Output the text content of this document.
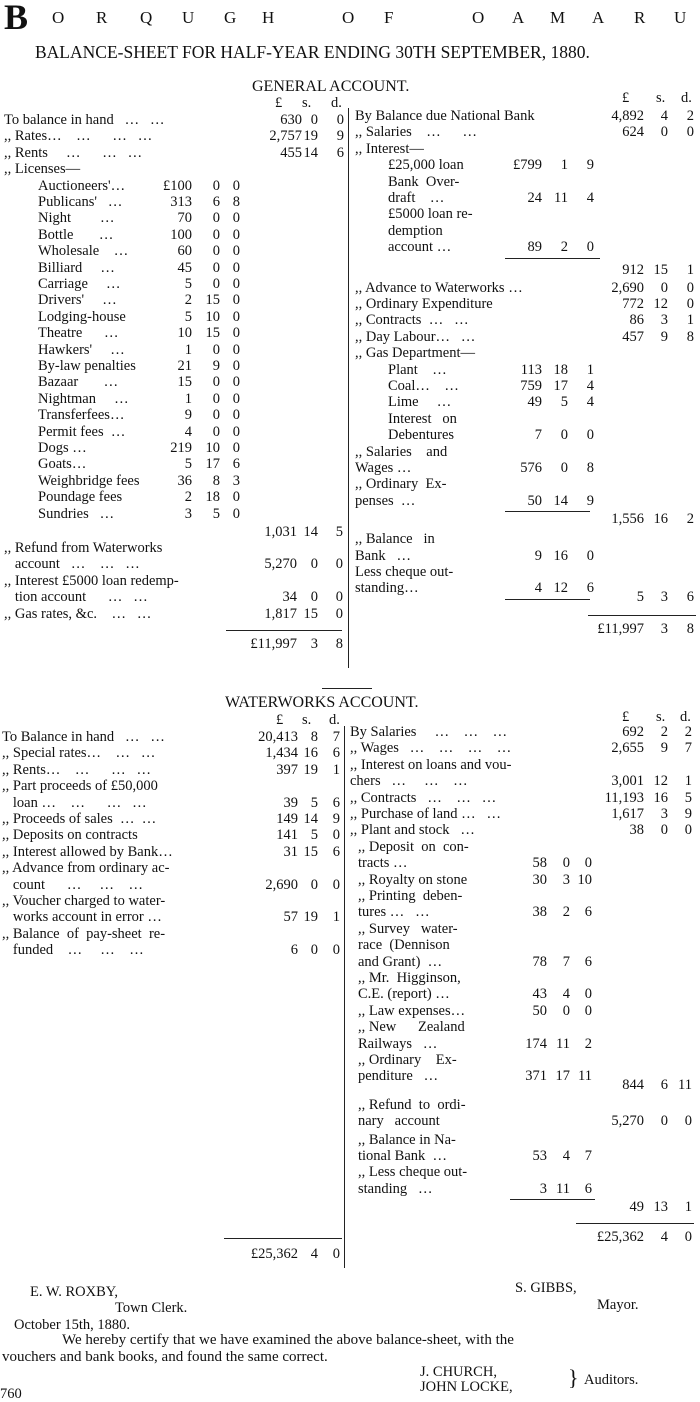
B O R Q U G H	O F	O A M A R U
BALANCE-SHEET FOR HALF-YEAR ENDING 30TH SEPTEMBER, 1880.
GENERAL ACCOUNT.
£ s. d.
To balance in hand   …   …	630 0	0
,, Rates…    …      …   …	2,757 19	9
,, Rents     …      …   …	455 14	6
,, Licenses—
Auctioneers'…	£100	0 0
Publicans'   …	313	6 8
Night        …	70	0 0
Bottle       …	100	0 0
Wholesale    …	60	0 0
Billiard     …	45	0 0
Carriage     …	5	0 0
Drivers'     …	2 15 0
Lodging-house	5 10 0
Theatre      …	10 15 0
Hawkers'     …	1	0 0
By-law penalties	21	9 0
Bazaar       …	15	0 0
Nightman     …	1	0 0
Transferfees…	9	0 0
Permit fees  …	4	0 0
Dogs …	219 10 0
Goats…	5 17 6
Weighbridge fees	36	8 3
Poundage fees	2 18 0
Sundries   …	3	5 0
1,031 14	5
,, Refund from Waterworks
account   …    …   …	5,270 0	0
,, Interest £5000 loan redemp-
tion account      …   …	34 0	0
,, Gas rates, &c.    …   …	1,817 15	0
£11,997 3	8
£ s. d.
By Balance due National Bank	4,892	4	2
,, Salaries    …      …	624	0	0
,, Interest—
£25,000 loan	£799	1	9
Bank  Over-
draft    …	24 11	4
£5000 loan re-
demption
account …	89	2	0
912 15	1
,, Advance to Waterworks …	2,690	0	0
,, Ordinary Expenditure	772 12	0
,, Contracts  …   …	86	3	1
,, Day Labour…   …	457	9	8
,, Gas Department—
Plant    …	113 18	1
Coal…    …	759 17	4
Lime     …	49	5	4
Interest   on
Debentures	7	0	0
,, Salaries    and
Wages …	576	0	8
,, Ordinary  Ex-
penses  …	50 14	9
1,556 16	2
,, Balance   in
Bank   …	9 16	0
Less cheque out-
standing…	4 12	6
5	3	6
£11,997	3	8
WATERWORKS ACCOUNT.
£ s. d.
To Balance in hand   …   …	20,413 8	7
,, Special rates…    …   …	1,434 16	6
,, Rents…    …      …   …	397 19	1
,, Part proceeds of £50,000
loan …    …      …   …	39 5	6
,, Proceeds of sales  …  …	149 14	9
,, Deposits on contracts	141 5	0
,, Interest allowed by Bank…	31 15	6
,, Advance from ordinary ac-
count      …     …    …	2,690 0	0
,, Voucher charged to water-
works account in error …	57 19	1
,, Balance  of  pay-sheet  re-
funded    …     …    …	6 0	0
£25,362 4	0
£ s. d.
By Salaries     …    …    …	692	2	2
,, Wages   …    …    …    …	2,655	9	7
,, Interest on loans and vou-
chers   …     …    …	3,001 12	1
,, Contracts   …    …   …	11,193 16	5
,, Purchase of land …   …	1,617	3	9
,, Plant and stock   …	38	0	0
,, Deposit  on  con-
tracts …	58	0	0
,, Royalty on stone	30	3 10
,, Printing  deben-
tures …   …	38	2	6
,, Survey   water-
race  (Dennison
and Grant)  …	78	7	6
,, Mr.  Higginson,
C.E. (report) …	43	4	0
,, Law expenses…	50	0	0
,, New      Zealand
Railways   …	174 11	2
,, Ordinary    Ex-
penditure   …	371 17 11
844	6 11
,, Refund  to  ordi-
nary   account	5,270	0	0
,, Balance in Na-
tional Bank  …	53	4	7
,, Less cheque out-
standing   …	3 11	6
49 13	1
£25,362	4	0
E. W. ROXBY,
Town Clerk.
S. GIBBS,
Mayor.
October 15th, 1880.
We hereby certify that we have examined the above balance-sheet, with the
vouchers and bank books, and found the same correct.
J. CHURCH,
JOHN LOCKE,	} Auditors.
760
